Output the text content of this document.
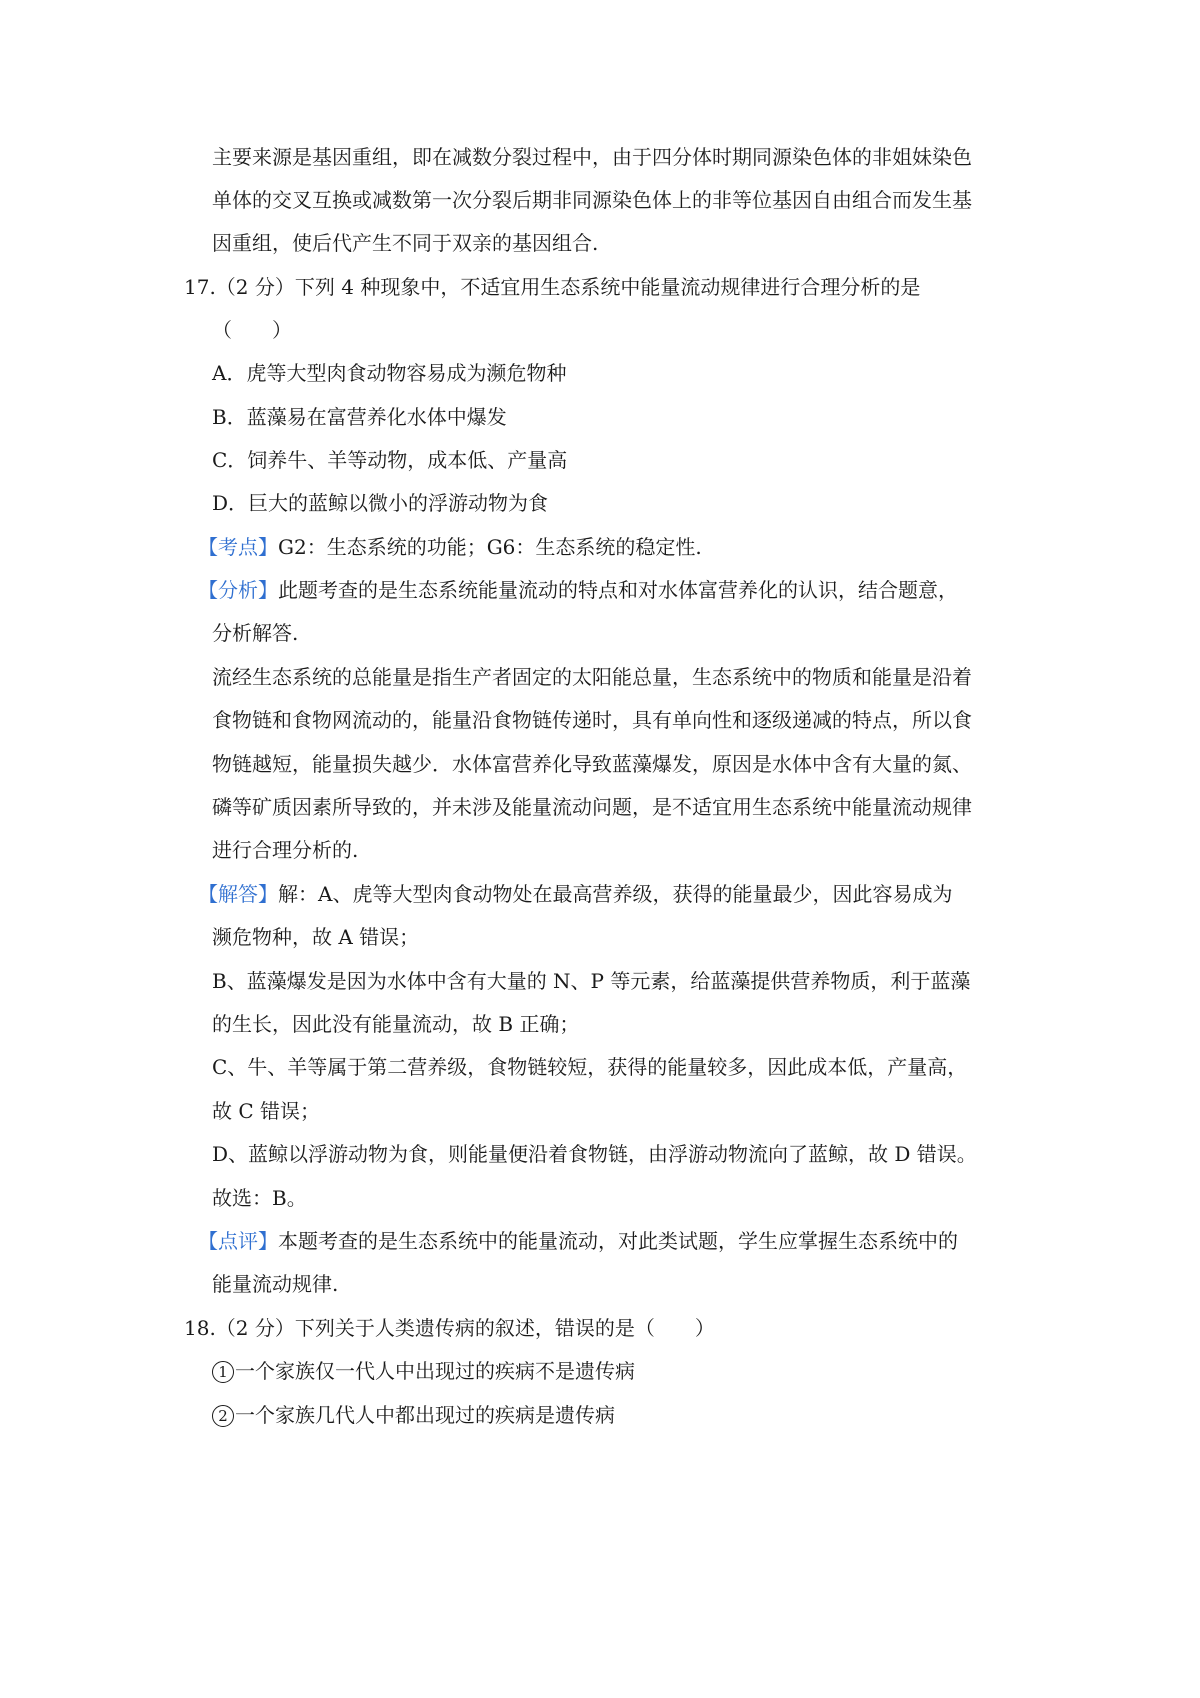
主要来源是基因重组，即在减数分裂过程中，由于四分体时期同源染色体的非姐妹染色
单体的交叉互换或减数第一次分裂后期非同源染色体上的非等位基因自由组合而发生基
因重组，使后代产生不同于双亲的基因组合.
17.（2 分）下列 4 种现象中，不适宜用生态系统中能量流动规律进行合理分析的是
（　　）
A．虎等大型肉食动物容易成为濒危物种
B．蓝藻易在富营养化水体中爆发
C．饲养牛、羊等动物，成本低、产量高
D．巨大的蓝鲸以微小的浮游动物为食
【考点】G2：生态系统的功能；G6：生态系统的稳定性.
【分析】此题考查的是生态系统能量流动的特点和对水体富营养化的认识，结合题意，
分析解答.
流经生态系统的总能量是指生产者固定的太阳能总量，生态系统中的物质和能量是沿着
食物链和食物网流动的，能量沿食物链传递时，具有单向性和逐级递减的特点，所以食
物链越短，能量损失越少．水体富营养化导致蓝藻爆发，原因是水体中含有大量的氮、
磷等矿质因素所导致的，并未涉及能量流动问题，是不适宜用生态系统中能量流动规律
进行合理分析的.
【解答】解：A、虎等大型肉食动物处在最高营养级，获得的能量最少，因此容易成为
濒危物种，故 A 错误；
B、蓝藻爆发是因为水体中含有大量的 N、P 等元素，给蓝藻提供营养物质，利于蓝藻
的生长，因此没有能量流动，故 B 正确；
C、牛、羊等属于第二营养级，食物链较短，获得的能量较多，因此成本低，产量高，
故 C 错误；
D、蓝鲸以浮游动物为食，则能量便沿着食物链，由浮游动物流向了蓝鲸，故 D 错误。
故选：B。
【点评】本题考查的是生态系统中的能量流动，对此类试题，学生应掌握生态系统中的
能量流动规律.
18.（2 分）下列关于人类遗传病的叙述，错误的是（　　）
1 一个家族仅一代人中出现过的疾病不是遗传病
2 一个家族几代人中都出现过的疾病是遗传病
